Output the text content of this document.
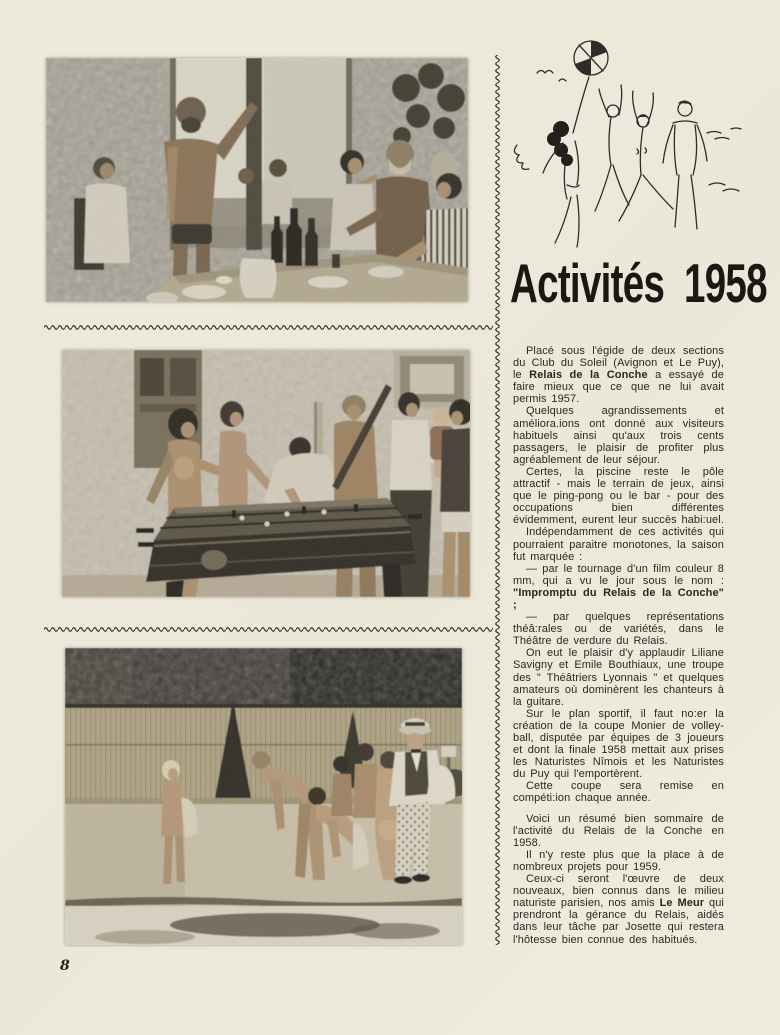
Activités 1958

Placé sous l'égide de deux sections du Club du Soleil (Avignon et Le Puy), le Relais de la Conche a essayé de faire mieux que ce que ne lui avait permis 1957.

Quelques agrandissements et améliora.ions ont donné aux visiteurs habituels ainsi qu'aux trois cents passagers, le plaisir de profiter plus agréablement de leur séjour.

Certes, la piscine reste le pôle attractif - mais le terrain de jeux, ainsi que le ping-pong ou le bar - pour des occupations bien différentes évidemment, eurent leur succès habi:uel.

Indépendamment de ces activités qui pourraient paraitre monotones, la saison fut marquée :

— par le tournage d'un film couleur 8 mm, qui a vu le jour sous le nom : "Impromptu du Relais de la Conche" ;

— par quelques représentations théâ:rales ou de variétés, dans le Théâtre de verdure du Relais.

On eut le plaisir d'y applaudir Liliane Savigny et Emile Bouthiaux, une troupe des " Théâtriers Lyonnais " et quelques amateurs où dominèrent les chanteurs à la guitare.

Sur le plan sportif, il faut no:er la création de la coupe Monier de volley-ball, disputée par équipes de 3 joueurs et dont la finale 1958 mettait aux prises les Naturistes Nîmois et les Naturistes du Puy qui l'emportèrent.

Cette coupe sera remise en compéti:ion chaque année.

Voici un résumé bien sommaire de l'activité du Relais de la Conche en 1958.

Il n'y reste plus que la place à de nombreux projets pour 1959.

Ceux-ci seront l'œuvre de deux nouveaux, bien connus dans le milieu naturiste parisien, nos amis Le Meur qui prendront la gérance du Relais, aidés dans leur tâche par Josette qui restera l'hôtesse bien connue des habitués.

8
